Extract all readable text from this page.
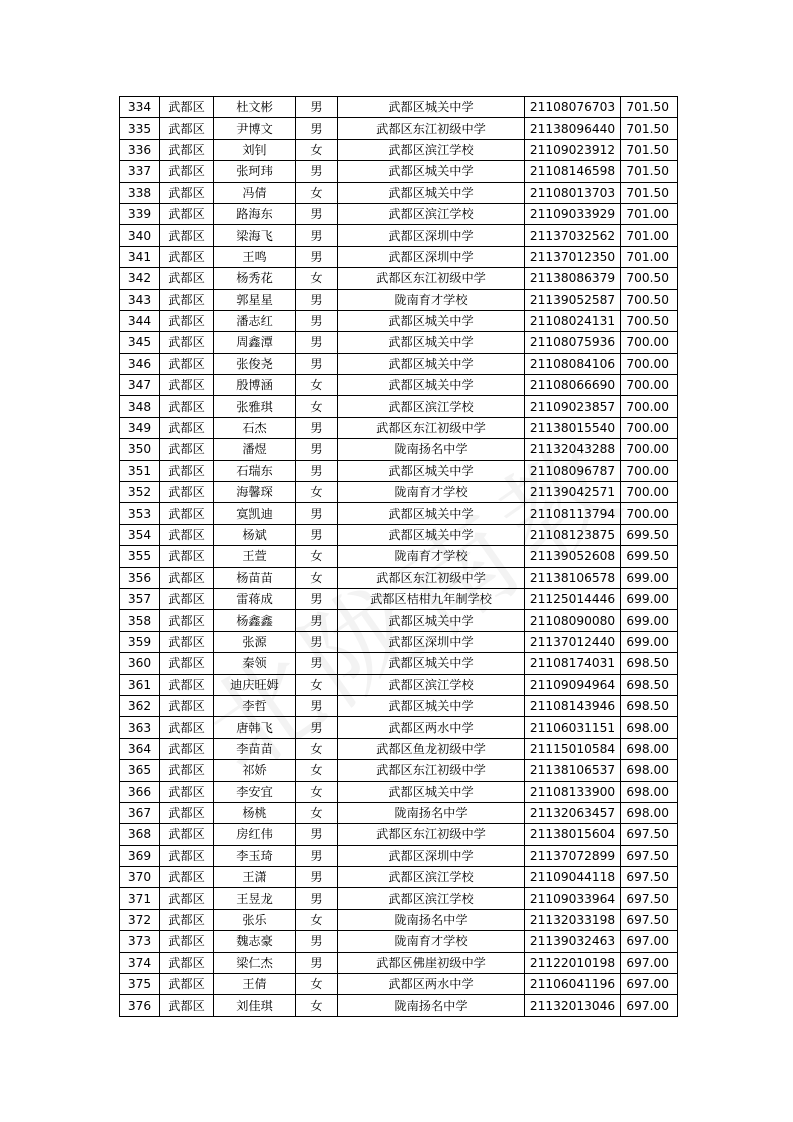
334	武都区	杜文彬	男	武都区城关中学	21108076703	701.50
335	武都区	尹博文	男	武都区东江初级中学	21138096440	701.50
336	武都区	刘钊	女	武都区滨江学校	21109023912	701.50
337	武都区	张珂玮	男	武都区城关中学	21108146598	701.50
338	武都区	冯倩	女	武都区城关中学	21108013703	701.50
339	武都区	路海东	男	武都区滨江学校	21109033929	701.00
340	武都区	梁海飞	男	武都区深圳中学	21137032562	701.00
341	武都区	王鸣	男	武都区深圳中学	21137012350	701.00
342	武都区	杨秀花	女	武都区东江初级中学	21138086379	700.50
343	武都区	郭星星	男	陇南育才学校	21139052587	700.50
344	武都区	潘志红	男	武都区城关中学	21108024131	700.50
345	武都区	周鑫潭	男	武都区城关中学	21108075936	700.00
346	武都区	张俊尧	男	武都区城关中学	21108084106	700.00
347	武都区	殷博涵	女	武都区城关中学	21108066690	700.00
348	武都区	张雅琪	女	武都区滨江学校	21109023857	700.00
349	武都区	石杰	男	武都区东江初级中学	21138015540	700.00
350	武都区	潘煜	男	陇南扬名中学	21132043288	700.00
351	武都区	石瑞东	男	武都区城关中学	21108096787	700.00
352	武都区	海馨琛	女	陇南育才学校	21139042571	700.00
353	武都区	寞凯迪	男	武都区城关中学	21108113794	700.00
354	武都区	杨斌	男	武都区城关中学	21108123875	699.50
355	武都区	王萱	女	陇南育才学校	21139052608	699.50
356	武都区	杨苗苗	女	武都区东江初级中学	21138106578	699.00
357	武都区	雷蒋成	男	武都区桔柑九年制学校	21125014446	699.00
358	武都区	杨鑫鑫	男	武都区城关中学	21108090080	699.00
359	武都区	张源	男	武都区深圳中学	21137012440	699.00
360	武都区	秦领	男	武都区城关中学	21108174031	698.50
361	武都区	迪庆旺姆	女	武都区滨江学校	21109094964	698.50
362	武都区	李哲	男	武都区城关中学	21108143946	698.50
363	武都区	唐韩飞	男	武都区两水中学	21106031151	698.00
364	武都区	李苗苗	女	武都区鱼龙初级中学	21115010584	698.00
365	武都区	祁娇	女	武都区东江初级中学	21138106537	698.00
366	武都区	李安宜	女	武都区城关中学	21108133900	698.00
367	武都区	杨桃	女	陇南扬名中学	21132063457	698.00
368	武都区	房红伟	男	武都区东江初级中学	21138015604	697.50
369	武都区	李玉琦	男	武都区深圳中学	21137072899	697.50
370	武都区	王潇	男	武都区滨江学校	21109044118	697.50
371	武都区	王昱龙	男	武都区滨江学校	21109033964	697.50
372	武都区	张乐	女	陇南扬名中学	21132033198	697.50
373	武都区	魏志豪	男	陇南育才学校	21139032463	697.00
374	武都区	梁仁杰	男	武都区佛崖初级中学	21122010198	697.00
375	武都区	王倩	女	武都区两水中学	21106041196	697.00
376	武都区	刘佳琪	女	陇南扬名中学	21132013046	697.00
